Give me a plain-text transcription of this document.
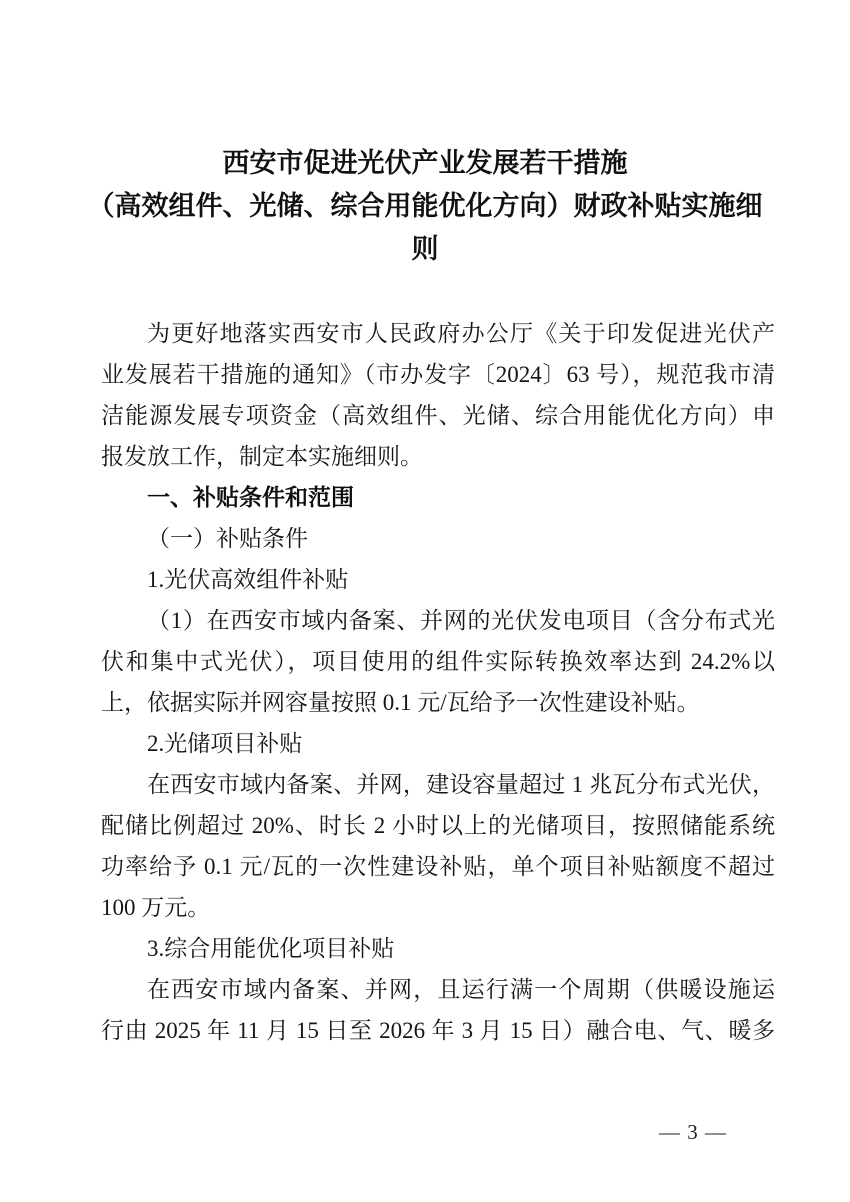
西安市促进光伏产业发展若干措施
（高效组件、光储、综合用能优化方向）财政补贴实施细
则
为更好地落实西安市人民政府办公厅《关于印发促进光伏产
业发展若干措施的通知》（市办发字〔2024〕63 号），规范我市清
洁能源发展专项资金（高效组件、光储、综合用能优化方向）申
报发放工作，制定本实施细则。
一、补贴条件和范围
（一）补贴条件
1.光伏高效组件补贴
（1）在西安市域内备案、并网的光伏发电项目（含分布式光
伏和集中式光伏），项目使用的组件实际转换效率达到 24.2%以
上，依据实际并网容量按照 0.1 元/瓦给予一次性建设补贴。
2.光储项目补贴
在西安市域内备案、并网，建设容量超过 1 兆瓦分布式光伏，
配储比例超过 20%、时长 2 小时以上的光储项目，按照储能系统
功率给予 0.1 元/瓦的一次性建设补贴，单个项目补贴额度不超过
100 万元。
3.综合用能优化项目补贴
在西安市域内备案、并网，且运行满一个周期（供暖设施运
行由 2025 年 11 月 15 日至 2026 年 3 月 15 日）融合电、气、暖多
— 3 —
